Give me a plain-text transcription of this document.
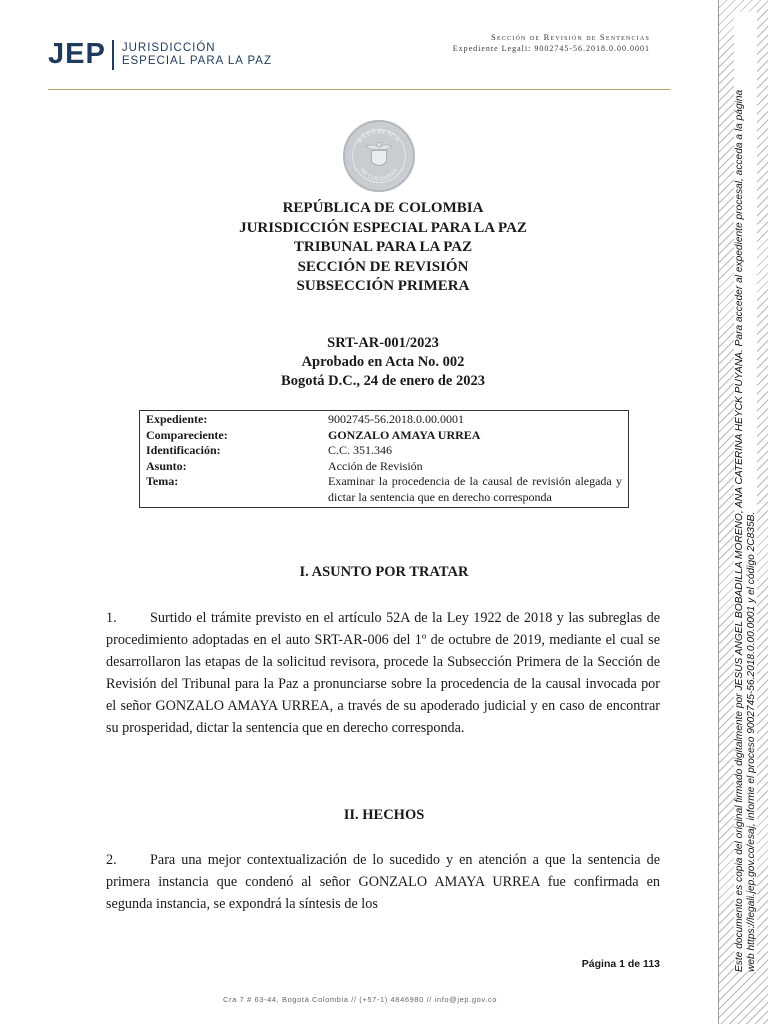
JEP JURISDICCIÓN
ESPECIAL PARA LA PAZ
Sección de Revisión de Sentencias
Expediente Legali: 9002745-56.2018.0.00.0001
REPÚBLICA
DE COLOMBIA
REPÚBLICA DE COLOMBIA
JURISDICCIÓN ESPECIAL PARA LA PAZ
TRIBUNAL PARA LA PAZ
SECCIÓN DE REVISIÓN
SUBSECCIÓN PRIMERA
SRT-AR-001/2023
Aprobado en Acta No. 002
Bogotá D.C., 24 de enero de 2023
Expediente:	9002745-56.2018.0.00.0001
Compareciente:	GONZALO AMAYA URREA
Identificación:	C.C. 351.346
Asunto:	Acción de Revisión
Tema:	Examinar la procedencia de la causal de revisión alegada y dictar la sentencia que en derecho corresponda
I. ASUNTO POR TRATAR
1. Surtido el trámite previsto en el artículo 52A de la Ley 1922 de 2018 y las subreglas de procedimiento adoptadas en el auto SRT-AR-006 del 1º de octubre de 2019, mediante el cual se desarrollaron las etapas de la solicitud revisora, procede la Subsección Primera de la Sección de Revisión del Tribunal para la Paz a pronunciarse sobre la procedencia de la causal invocada por el señor GONZALO AMAYA URREA, a través de su apoderado judicial y en caso de encontrar su prosperidad, dictar la sentencia que en derecho corresponda.
II. HECHOS
2. Para una mejor contextualización de lo sucedido y en atención a que la sentencia de primera instancia que condenó al señor GONZALO AMAYA URREA fue confirmada en segunda instancia, se expondrá la síntesis de los
Página 1 de 113
Cra 7 # 63-44, Bogotá Colombia // (+57-1) 4846980 // info@jep.gov.co
Este documento es copia del original firmado digitalmente por JESUS ANGEL BOBADILLA MORENO, ANA CATERINA HEYCK PUYANA. Para acceder al expediente procesal, acceda a la página web https://legali.jep.gov.co/esaj, informe el proceso 9002745-56.2018.0.00.0001 y el código 2C835B.
